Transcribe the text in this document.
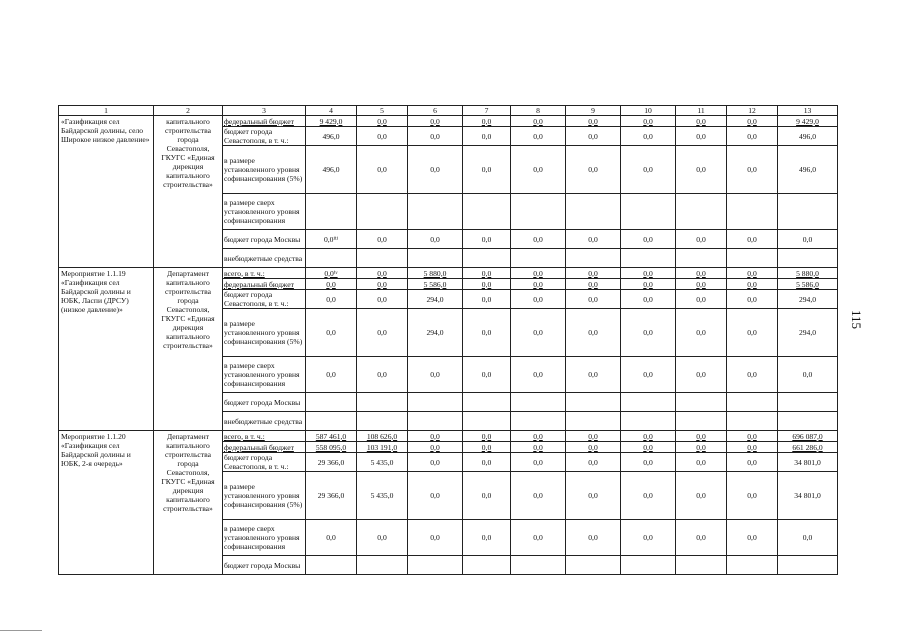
115
1	2	3	4	5	6	7	8	9	10	11	12	13
«Газификация сел Байдарской долины, село Широкое низкое давление»	капитального строительства города Севастополя, ГКУГС «Единая дирекция капитального строительства»	федеральный бюджет	9 429,0	0,0	0,0	0,0	0,0	0,0	0,0	0,0	0,0	9 429,0
		бюджет города Севастополя, в т. ч.:	496,0	0,0	0,0	0,0	0,0	0,0	0,0	0,0	0,0	496,0
		в размере установленного уровня софинансирования (5%)	496,0	0,0	0,0	0,0	0,0	0,0	0,0	0,0	0,0	496,0
		в размере сверх установленного уровня софинансирования										
		бюджет города Москвы	0,0ⁱⁱⁱ	0,0	0,0	0,0	0,0	0,0	0,0	0,0	0,0	0,0
		внебюджетные средства										
Мероприятие 1.1.19 «Газификация сел Байдарской долины и ЮБК, Ласпи (ДРСУ) (низкое давление)»	Департамент капитального строительства города Севастополя, ГКУГС «Единая дирекция капитального строительства»	всего, в т. ч.:	0,0ⁱᵛ	0,0	5 880,0	0,0	0,0	0,0	0,0	0,0	0,0	5 880,0
		федеральный бюджет	0,0	0,0	5 586,0	0,0	0,0	0,0	0,0	0,0	0,0	5 586,0
		бюджет города Севастополя, в т. ч.:	0,0	0,0	294,0	0,0	0,0	0,0	0,0	0,0	0,0	294,0
		в размере установленного уровня софинансирования (5%)	0,0	0,0	294,0	0,0	0,0	0,0	0,0	0,0	0,0	294,0
		в размере сверх установленного уровня софинансирования	0,0	0,0	0,0	0,0	0,0	0,0	0,0	0,0	0,0	0,0
		бюджет города Москвы										
		внебюджетные средства										
Мероприятие 1.1.20 «Газификация сел Байдарской долины и ЮБК, 2-я очередь»	Департамент капитального строительства города Севастополя, ГКУГС «Единая дирекция капитального строительства»	всего, в т. ч.:	587 461,0	108 626,0	0,0	0,0	0,0	0,0	0,0	0,0	0,0	696 087,0
		федеральный бюджет	558 095,0	103 191,0	0,0	0,0	0,0	0,0	0,0	0,0	0,0	661 286,0
		бюджет города Севастополя, в т. ч.:	29 366,0	5 435,0	0,0	0,0	0,0	0,0	0,0	0,0	0,0	34 801,0
		в размере установленного уровня софинансирования (5%)	29 366,0	5 435,0	0,0	0,0	0,0	0,0	0,0	0,0	0,0	34 801,0
		в размере сверх установленного уровня софинансирования	0,0	0,0	0,0	0,0	0,0	0,0	0,0	0,0	0,0	0,0
		бюджет города Москвы										
